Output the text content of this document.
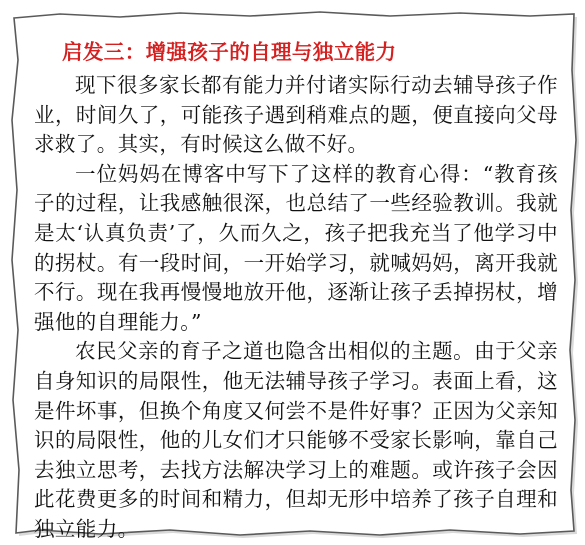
启发三：增强孩子的自理与独立能力

现下很多家长都有能力并付诸实际行动去辅导孩子作业，时间久了，可能孩子遇到稍难点的题，便直接向父母求救了。其实，有时候这么做不好。

一位妈妈在博客中写下了这样的教育心得：“教育孩子的过程，让我感触很深，也总结了一些经验教训。我就是太‘认真负责’了，久而久之，孩子把我充当了他学习中的拐杖。有一段时间，一开始学习，就喊妈妈，离开我就不行。现在我再慢慢地放开他，逐渐让孩子丢掉拐杖，增强他的自理能力。”

农民父亲的育子之道也隐含出相似的主题。由于父亲自身知识的局限性，他无法辅导孩子学习。表面上看，这是件坏事，但换个角度又何尝不是件好事？正因为父亲知识的局限性，他的儿女们才只能够不受家长影响，靠自己去独立思考，去找方法解决学习上的难题。或许孩子会因此花费更多的时间和精力，但却无形中培养了孩子自理和独立能力。
